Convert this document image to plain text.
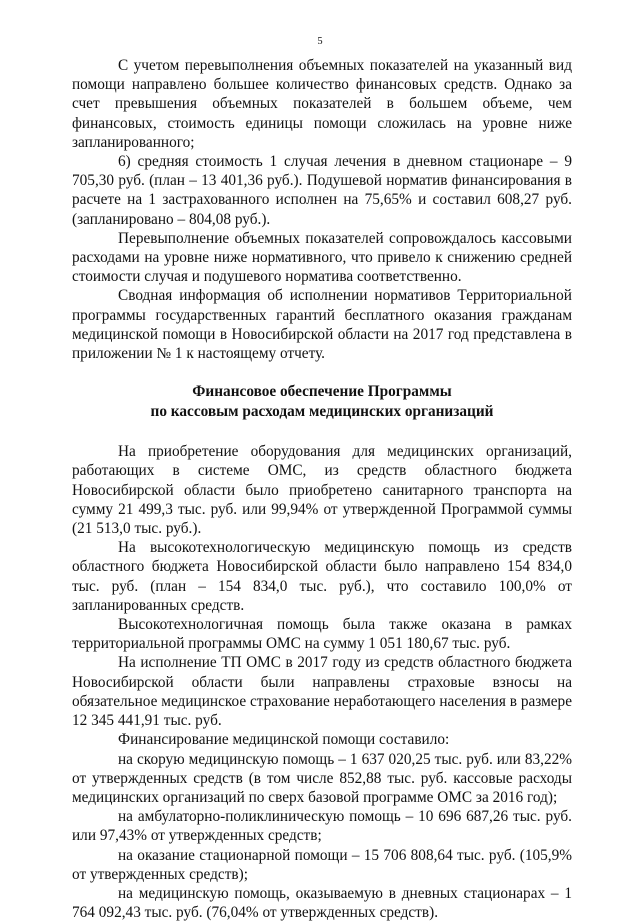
5

С учетом перевыполнения объемных показателей на указанный вид помощи направлено большее количество финансовых средств. Однако за счет превышения объемных показателей в большем объеме, чем финансовых, стоимость единицы помощи сложилась на уровне ниже запланированного;

6) средняя стоимость 1 случая лечения в дневном стационаре – 9 705,30 руб. (план – 13 401,36 руб.). Подушевой норматив финансирования в расчете на 1 застрахованного исполнен на 75,65% и составил 608,27 руб. (запланировано – 804,08 руб.).

Перевыполнение объемных показателей сопровождалось кассовыми расходами на уровне ниже нормативного, что привело к снижению средней стоимости случая и подушевого норматива соответственно.

Сводная информация об исполнении нормативов Территориальной программы государственных гарантий бесплатного оказания гражданам медицинской помощи в Новосибирской области на 2017 год представлена в приложении № 1 к настоящему отчету.

Финансовое обеспечение Программы
по кассовым расходам медицинских организаций

На приобретение оборудования для медицинских организаций, работающих в системе ОМС, из средств областного бюджета Новосибирской области было приобретено санитарного транспорта на сумму 21 499,3 тыс. руб. или 99,94% от утвержденной Программой суммы (21 513,0 тыс. руб.).

На высокотехнологическую медицинскую помощь из средств областного бюджета Новосибирской области было направлено 154 834,0 тыс. руб. (план – 154 834,0 тыс. руб.), что составило 100,0% от запланированных средств.

Высокотехнологичная помощь была также оказана в рамках территориальной программы ОМС на сумму 1 051 180,67 тыс. руб.

На исполнение ТП ОМС в 2017 году из средств областного бюджета Новосибирской области были направлены страховые взносы на обязательное медицинское страхование неработающего населения в размере 12 345 441,91 тыс. руб.

Финансирование медицинской помощи составило:

на скорую медицинскую помощь – 1 637 020,25 тыс. руб. или 83,22% от утвержденных средств (в том числе 852,88 тыс. руб. кассовые расходы медицинских организаций по сверх базовой программе ОМС за 2016 год);

на амбулаторно-поликлиническую помощь – 10 696 687,26 тыс. руб. или 97,43% от утвержденных средств;

на оказание стационарной помощи – 15 706 808,64 тыс. руб. (105,9% от утвержденных средств);

на медицинскую помощь, оказываемую в дневных стационарах – 1 764 092,43 тыс. руб. (76,04% от утвержденных средств).
